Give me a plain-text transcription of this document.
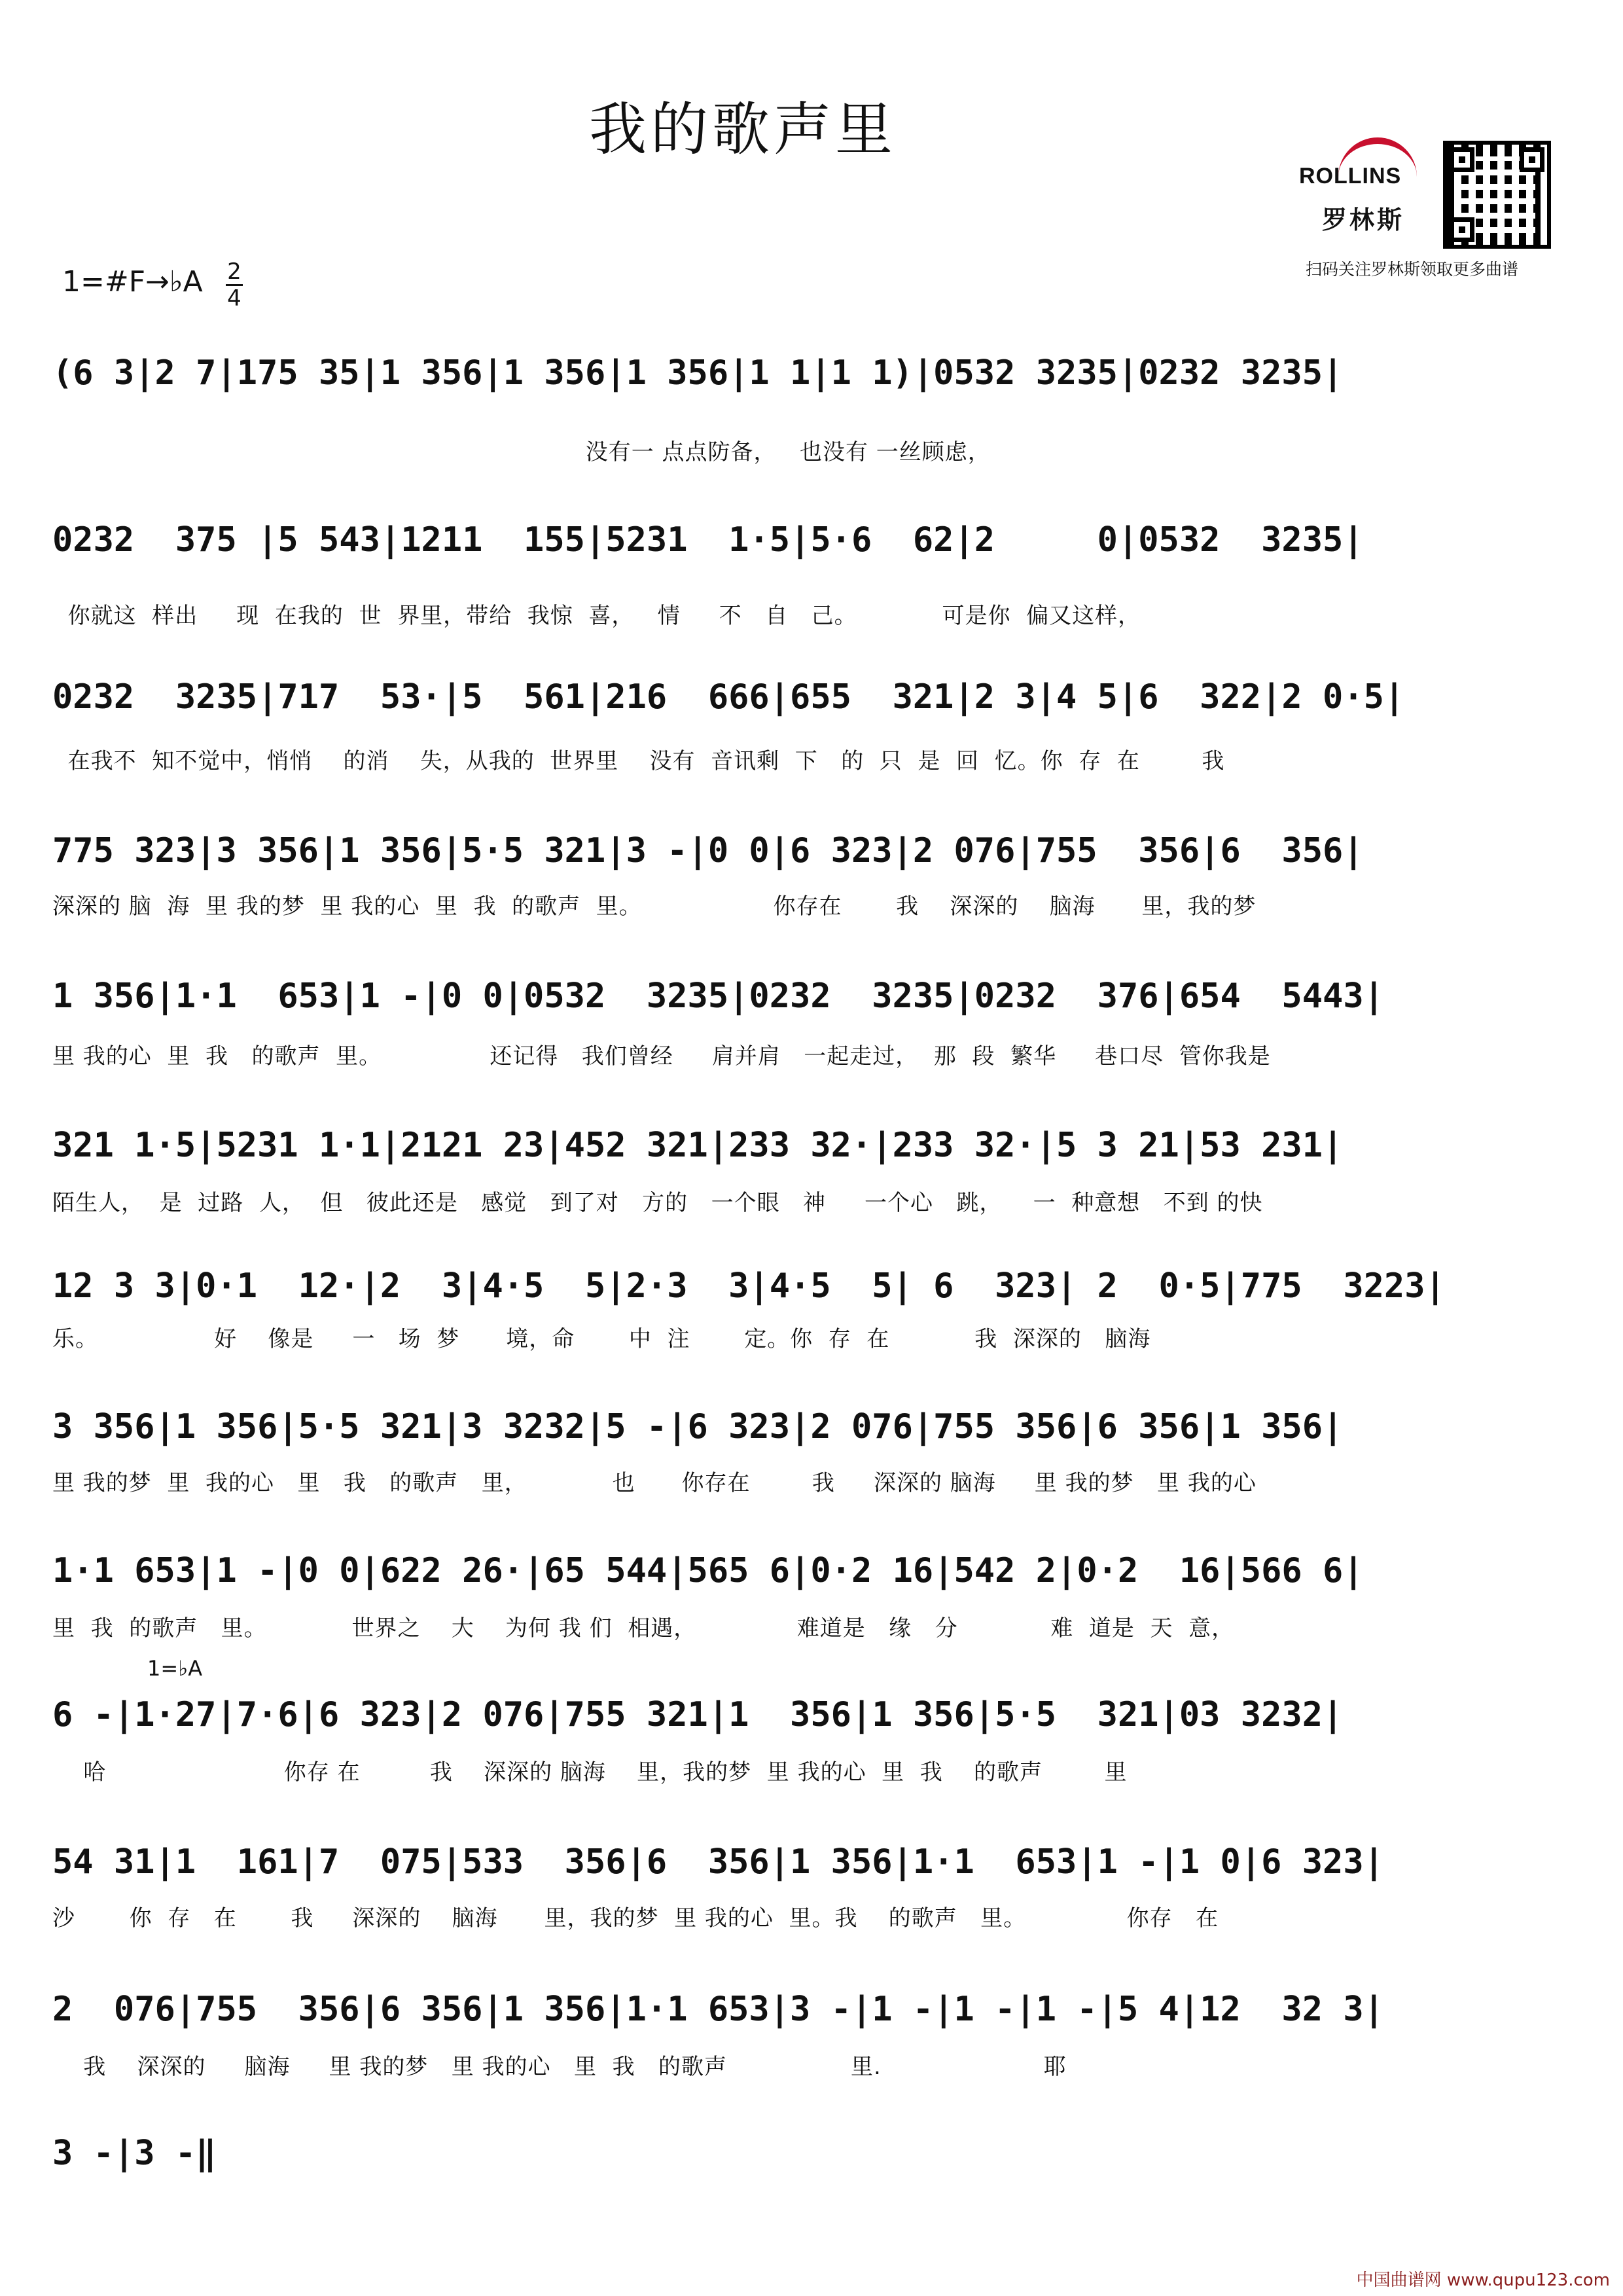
我的歌声里
ROLLINS
罗林斯
扫码关注罗林斯领取更多曲谱
1=#F→♭A 2
4
(6 3|2 7|175 35|1 356|1 356|1 356|1 1|1 1)|0532 3235|0232 3235|
没有一 点点防备，   也没有 一丝顾虑，
0232  375 |5 543|1211  155|5231  1·5|5·6  62|2     0|0532  3235|
你就这  样出     现  在我的  世  界里，带给  我惊  喜，   情     不   自   己。           可是你  偏又这样，
0232  3235|717  53·|5  561|216  666|655  321|2 3|4 5|6  322|2 0·5|
在我不  知不觉中，悄悄    的消    失，从我的  世界里    没有  音讯剩  下   的  只  是  回  忆。你  存  在        我
775 323|3 356|1 356|5·5 321|3 -|0 0|6 323|2 076|755  356|6  356|
深深的 脑  海  里 我的梦  里 我的心  里  我  的歌声  里。                 你存在       我    深深的    脑海      里，我的梦
1 356|1·1  653|1 -|0 0|0532  3235|0232  3235|0232  376|654  5443|
里 我的心  里  我   的歌声  里。              还记得   我们曾经     肩并肩   一起走过，  那  段  繁华     巷口尽  管你我是
321 1·5|5231 1·1|2121 23|452 321|233 32·|233 32·|5 3 21|53 231|
陌生人，  是  过路  人，  但   彼此还是   感觉   到了对   方的   一个眼   神     一个心   跳，    一  种意想   不到 的快
12 3 3|0·1  12·|2  3|4·5  5|2·3  3|4·5  5| 6  323| 2  0·5|775  3223|
乐。               好    像是     一   场  梦      境，命       中  注       定。你  存  在           我  深深的   脑海
3 356|1 356|5·5 321|3 3232|5 -|6 323|2 076|755 356|6 356|1 356|
里 我的梦  里  我的心   里   我   的歌声   里，           也      你存在        我     深深的 脑海     里 我的梦   里 我的心
1·1 653|1 -|0 0|622 26·|65 544|565 6|0·2 16|542 2|0·2  16|566 6|
里  我  的歌声   里。           世界之    大    为何 我 们  相遇，             难道是   缘   分            难  道是  天  意，
1=♭A
6 -|1·27|7·6|6 323|2 076|755 321|1  356|1 356|5·5  321|03 3232|
哈                       你存 在         我    深深的 脑海    里，我的梦  里 我的心  里  我    的歌声        里
54 31|1  161|7  075|533  356|6  356|1 356|1·1  653|1 -|1 0|6 323|
沙       你  存   在       我     深深的    脑海      里，我的梦  里 我的心  里。我    的歌声   里。             你存   在
2  076|755  356|6 356|1 356|1·1 653|3 -|1 -|1 -|1 -|5 4|12  32 3|
我    深深的     脑海     里 我的梦   里 我的心   里  我   的歌声                里.                     耶
3 -|3 -‖
中国曲谱网 www.qupu123.com
